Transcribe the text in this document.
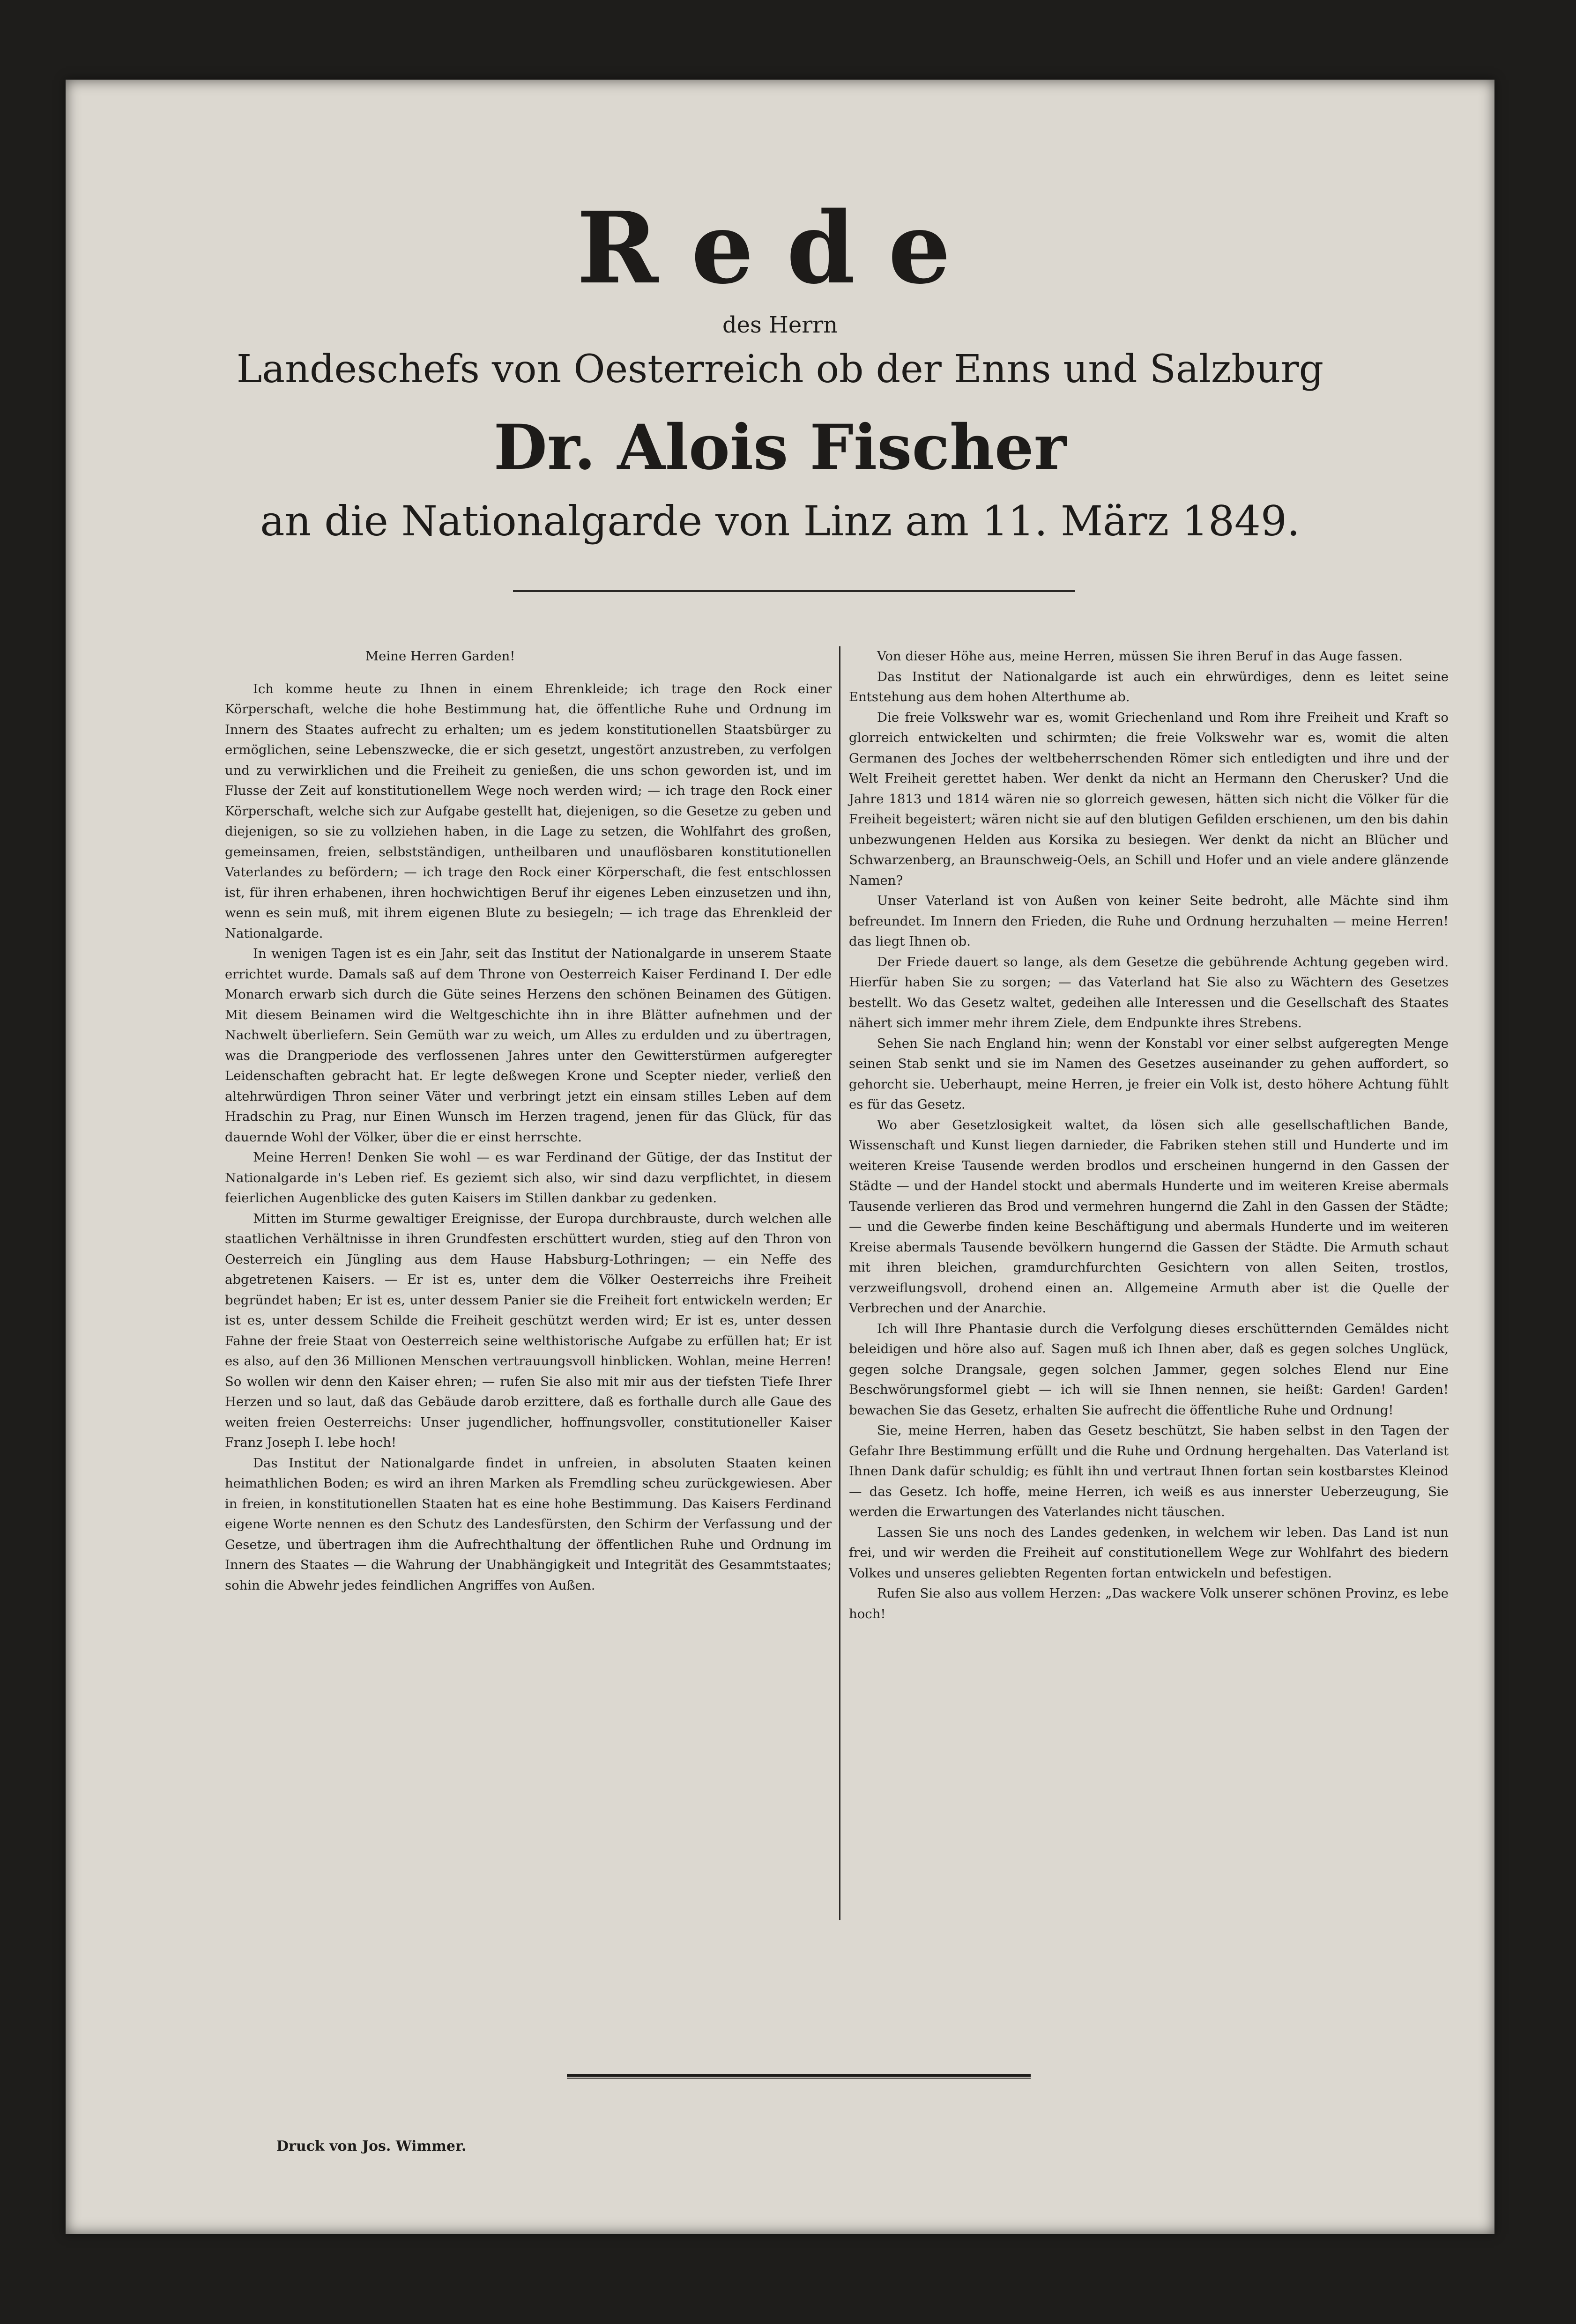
Rede
des Herrn
Landeschefs von Oesterreich ob der Enns und Salzburg
Dr. Alois Fischer
an die Nationalgarde von Linz am 11. März 1849.

Meine Herren Garden!

Ich komme heute zu Ihnen in einem Ehrenkleide; ich trage den Rock einer Körperschaft, welche die hohe Bestimmung hat, die öffentliche Ruhe und Ordnung im Innern des Staates aufrecht zu erhalten; um es jedem konstitutionellen Staatsbürger zu ermöglichen, seine Lebenszwecke, die er sich gesetzt, ungestört anzustreben, zu verfolgen und zu verwirklichen und die Freiheit zu genießen, die uns schon geworden ist, und im Flusse der Zeit auf konstitutionellem Wege noch werden wird; — ich trage den Rock einer Körperschaft, welche sich zur Aufgabe gestellt hat, diejenigen, so die Gesetze zu geben und diejenigen, so sie zu vollziehen haben, in die Lage zu setzen, die Wohlfahrt des großen, gemeinsamen, freien, selbstständigen, untheilbaren und unauflösbaren konstitutionellen Vaterlandes zu befördern; — ich trage den Rock einer Körperschaft, die fest entschlossen ist, für ihren erhabenen, ihren hochwichtigen Beruf ihr eigenes Leben einzusetzen und ihn, wenn es sein muß, mit ihrem eigenen Blute zu besiegeln; — ich trage das Ehrenkleid der Nationalgarde.

In wenigen Tagen ist es ein Jahr, seit das Institut der Nationalgarde in unserem Staate errichtet wurde. Damals saß auf dem Throne von Oesterreich Kaiser Ferdinand I. Der edle Monarch erwarb sich durch die Güte seines Herzens den schönen Beinamen des Gütigen. Mit diesem Beinamen wird die Weltgeschichte ihn in ihre Blätter aufnehmen und der Nachwelt überliefern. Sein Gemüth war zu weich, um Alles zu erdulden und zu übertragen, was die Drangperiode des verflossenen Jahres unter den Gewitterstürmen aufgeregter Leidenschaften gebracht hat. Er legte deßwegen Krone und Scepter nieder, verließ den altehrwürdigen Thron seiner Väter und verbringt jetzt ein einsam stilles Leben auf dem Hradschin zu Prag, nur Einen Wunsch im Herzen tragend, jenen für das Glück, für das dauernde Wohl der Völker, über die er einst herrschte.

Meine Herren! Denken Sie wohl — es war Ferdinand der Gütige, der das Institut der Nationalgarde in's Leben rief. Es geziemt sich also, wir sind dazu verpflichtet, in diesem feierlichen Augenblicke des guten Kaisers im Stillen dankbar zu gedenken.

Mitten im Sturme gewaltiger Ereignisse, der Europa durchbrauste, durch welchen alle staatlichen Verhältnisse in ihren Grundfesten erschüttert wurden, stieg auf den Thron von Oesterreich ein Jüngling aus dem Hause Habsburg-Lothringen; — ein Neffe des abgetretenen Kaisers. — Er ist es, unter dem die Völker Oesterreichs ihre Freiheit begründet haben; Er ist es, unter dessem Panier sie die Freiheit fort entwickeln werden; Er ist es, unter dessem Schilde die Freiheit geschützt werden wird; Er ist es, unter dessen Fahne der freie Staat von Oesterreich seine welthistorische Aufgabe zu erfüllen hat; Er ist es also, auf den 36 Millionen Menschen vertrauungsvoll hinblicken. Wohlan, meine Herren! So wollen wir denn den Kaiser ehren; — rufen Sie also mit mir aus der tiefsten Tiefe Ihrer Herzen und so laut, daß das Gebäude darob erzittere, daß es forthalle durch alle Gaue des weiten freien Oesterreichs: Unser jugendlicher, hoffnungsvoller, constitutioneller Kaiser Franz Joseph I. lebe hoch!

Das Institut der Nationalgarde findet in unfreien, in absoluten Staaten keinen heimathlichen Boden; es wird an ihren Marken als Fremdling scheu zurückgewiesen. Aber in freien, in konstitutionellen Staaten hat es eine hohe Bestimmung. Das Kaisers Ferdinand eigene Worte nennen es den Schutz des Landesfürsten, den Schirm der Verfassung und der Gesetze, und übertragen ihm die Aufrechthaltung der öffentlichen Ruhe und Ordnung im Innern des Staates — die Wahrung der Unabhängigkeit und Integrität des Gesammtstaates; sohin die Abwehr jedes feindlichen Angriffes von Außen.

Von dieser Höhe aus, meine Herren, müssen Sie ihren Beruf in das Auge fassen.

Das Institut der Nationalgarde ist auch ein ehrwürdiges, denn es leitet seine Entstehung aus dem hohen Alterthume ab.

Die freie Volkswehr war es, womit Griechenland und Rom ihre Freiheit und Kraft so glorreich entwickelten und schirmten; die freie Volkswehr war es, womit die alten Germanen des Joches der weltbeherrschenden Römer sich entledigten und ihre und der Welt Freiheit gerettet haben. Wer denkt da nicht an Hermann den Cherusker? Und die Jahre 1813 und 1814 wären nie so glorreich gewesen, hätten sich nicht die Völker für die Freiheit begeistert; wären nicht sie auf den blutigen Gefilden erschienen, um den bis dahin unbezwungenen Helden aus Korsika zu besiegen. Wer denkt da nicht an Blücher und Schwarzenberg, an Braunschweig-Oels, an Schill und Hofer und an viele andere glänzende Namen?

Unser Vaterland ist von Außen von keiner Seite bedroht, alle Mächte sind ihm befreundet. Im Innern den Frieden, die Ruhe und Ordnung herzuhalten — meine Herren! das liegt Ihnen ob.

Der Friede dauert so lange, als dem Gesetze die gebührende Achtung gegeben wird. Hierfür haben Sie zu sorgen; — das Vaterland hat Sie also zu Wächtern des Gesetzes bestellt. Wo das Gesetz waltet, gedeihen alle Interessen und die Gesellschaft des Staates nähert sich immer mehr ihrem Ziele, dem Endpunkte ihres Strebens.

Sehen Sie nach England hin; wenn der Konstabl vor einer selbst aufgeregten Menge seinen Stab senkt und sie im Namen des Gesetzes auseinander zu gehen auffordert, so gehorcht sie. Ueberhaupt, meine Herren, je freier ein Volk ist, desto höhere Achtung fühlt es für das Gesetz.

Wo aber Gesetzlosigkeit waltet, da lösen sich alle gesellschaftlichen Bande, Wissenschaft und Kunst liegen darnieder, die Fabriken stehen still und Hunderte und im weiteren Kreise Tausende werden brodlos und erscheinen hungernd in den Gassen der Städte — und der Handel stockt und abermals Hunderte und im weiteren Kreise abermals Tausende verlieren das Brod und vermehren hungernd die Zahl in den Gassen der Städte; — und die Gewerbe finden keine Beschäftigung und abermals Hunderte und im weiteren Kreise abermals Tausende bevölkern hungernd die Gassen der Städte. Die Armuth schaut mit ihren bleichen, gramdurchfurchten Gesichtern von allen Seiten, trostlos, verzweiflungsvoll, drohend einen an. Allgemeine Armuth aber ist die Quelle der Verbrechen und der Anarchie.

Ich will Ihre Phantasie durch die Verfolgung dieses erschütternden Gemäldes nicht beleidigen und höre also auf. Sagen muß ich Ihnen aber, daß es gegen solches Unglück, gegen solche Drangsale, gegen solchen Jammer, gegen solches Elend nur Eine Beschwörungsformel giebt — ich will sie Ihnen nennen, sie heißt: Garden! Garden! bewachen Sie das Gesetz, erhalten Sie aufrecht die öffentliche Ruhe und Ordnung!

Sie, meine Herren, haben das Gesetz beschützt, Sie haben selbst in den Tagen der Gefahr Ihre Bestimmung erfüllt und die Ruhe und Ordnung hergehalten. Das Vaterland ist Ihnen Dank dafür schuldig; es fühlt ihn und vertraut Ihnen fortan sein kostbarstes Kleinod — das Gesetz. Ich hoffe, meine Herren, ich weiß es aus innerster Ueberzeugung, Sie werden die Erwartungen des Vaterlandes nicht täuschen.

Lassen Sie uns noch des Landes gedenken, in welchem wir leben. Das Land ist nun frei, und wir werden die Freiheit auf constitutionellem Wege zur Wohlfahrt des biedern Volkes und unseres geliebten Regenten fortan entwickeln und befestigen.

Rufen Sie also aus vollem Herzen: „Das wackere Volk unserer schönen Provinz, es lebe hoch!

Druck von Jos. Wimmer.
